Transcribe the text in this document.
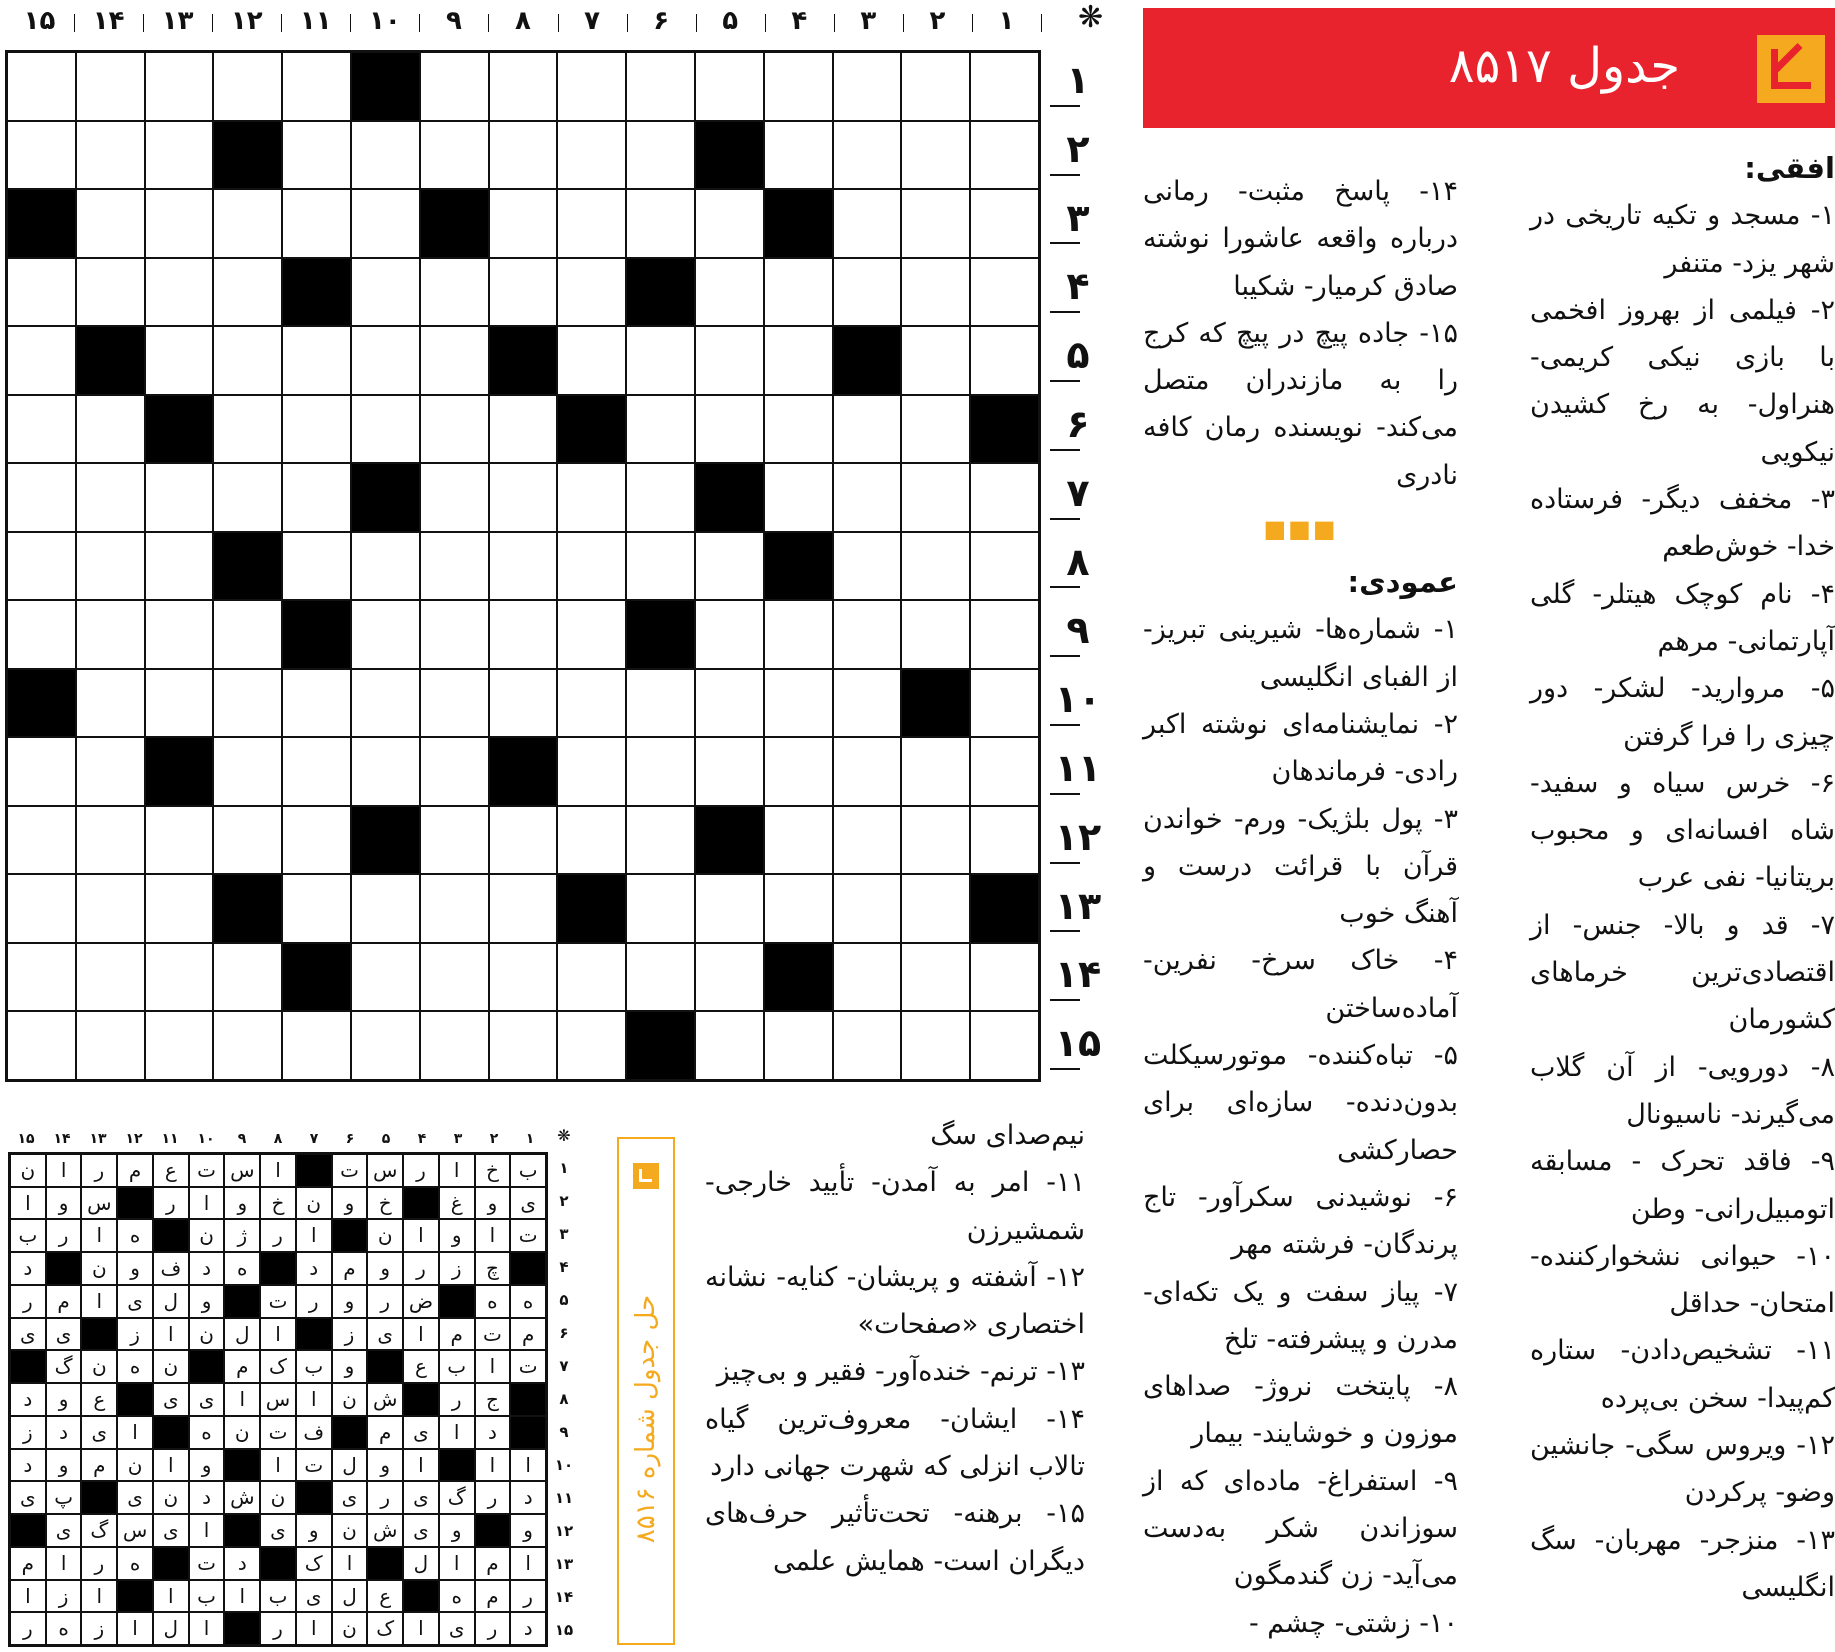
❋
۱
۲
۳
۴
۵
۶
۷
۸
۹
۱۰
۱۱
۱۲
۱۳
۱۴
۱۵
۱
۲
۳
۴
۵
۶
۷
۸
۹
۱۰
۱۱
۱۲
۱۳
۱۴
۱۵
جدول ۸۵۱۷
افقی:

۱- مسجد و تکیه تاریخی در شهر یزد- متنفر

۲- فیلمی از بهروز افخمی با بازی نیکی کریمی- هنراول- به رخ کشیدن نیکویی

۳- مخفف دیگر- فرستاده خدا- خوش‌طعم

۴- نام کوچک هیتلر- گلی آپارتمانی- مرهم

۵- مروارید- لشکر- دور چیزی را فرا گرفتن

۶- خرس سیاه و سفید- شاه افسانه‌ای و محبوب بریتانیا- نفی عرب

۷- قد و بالا- جنس- از اقتصادی‌ترین خرماهای کشورمان

۸- دورویی- از آن گلاب می‌گیرند- ناسیونال

۹- فاقد تحرک - مسابقه اتومبیل‌رانی- وطن

۱۰- حیوانی نشخوارکننده- امتحان- حداقل

۱۱- تشخیص‌دادن- ستاره کم‌پیدا- سخن بی‌پرده

۱۲- ویروس سگی- جانشین وضو- پرکردن

۱۳- منزجر- مهربان- سگ انگلیسی

۱۴- پاسخ مثبت- رمانی درباره واقعه عاشورا نوشته صادق کرمیار- شکیبا

۱۵- جاده پیچ در پیچ که کرج را به مازندران متصل می‌کند- نویسنده رمان کافه نادری

■■■

عمودی:

۱- شماره‌ها- شیرینی تبریز- از الفبای انگلیسی

۲- نمایشنامه‌ای نوشته اکبر رادی- فرماندهان

۳- پول بلژیک- ورم- خواندن قرآن با قرائت درست و آهنگ خوب

۴- خاک سرخ- نفرین- آماده‌ساختن

۵- تباه‌کننده- موتورسیکلت بدون‌دنده- سازه‌ای برای حصارکشی

۶- نوشیدنی سکرآور- تاج پرندگان- فرشته مهر

۷- پیاز سفت و یک تکه‌ای- مدرن و پیشرفته- تلخ

۸- پایتخت نروژ- صداهای موزون و خوشایند- بیمار

۹- استفراغ- ماده‌ای که از سوزاندن شکر به‌دست می‌آید- زن گندمگون

۱۰- زشتی- چشم -

نیم‌صدای سگ

۱۱- امر به آمدن- تأیید خارجی- شمشیرزن

۱۲- آشفته و پریشان- کنایه- نشانه اختصاری «صفحات»

۱۳- ترنم- خنده‌آور- فقیر و بی‌چیز

۱۴- ایشان- معروف‌ترین گیاه تالاب انزلی که شهرت جهانی دارد

۱۵- برهنه- تحت‌تأثیر حرف‌های دیگران است- همایش علمی

حل جدول شماره ۸۵۱۶
❋
۱
۲
۳
۴
۵
۶
۷
۸
۹
۱۰
۱۱
۱۲
۱۳
۱۴
۱۵
۱
۲
۳
۴
۵
۶
۷
۸
۹
۱۰
۱۱
۱۲
۱۳
۱۴
۱۵
ب
خ
ا
ر
س
ت
ا
س
ت
ع
م
ر
ا
ن
ی
و
غ
خ
و
ن
خ
و
ا
ر
س
و
ا
ت
ا
و
ا
ن
ا
ر
ژ
ن
ه
ا
ر
ب
چ
ز
ر
و
م
د
ه
د
ف
و
ن
د
ه
ه
ض
ر
و
ر
ت
و
ل
ی
ا
م
ر
م
ت
م
ا
ی
ز
ا
ل
ن
ا
ز
ی
ی
ت
ا
ب
ع
و
ب
ک
م
ن
ه
ن
گ
ج
ر
ش
ن
ا
س
ا
ی
ی
ع
و
د
د
ا
ی
م
ف
ت
ن
ه
ا
ی
د
ز
ا
ا
ا
و
ل
ت
ا
و
ا
ن
م
و
د
د
ر
گ
ی
ر
ی
ن
ش
د
ن
ی
پ
ی
و
و
ی
ش
ن
و
ی
ا
ی
س
گ
ی
ا
م
ا
ل
ا
ک
د
ت
ه
ر
ا
م
ر
م
ه
ع
ل
ی
ب
ا
ب
ا
ا
ز
ا
د
ر
ی
ا
ک
ن
ا
ر
ا
ل
ا
ز
ه
ر
